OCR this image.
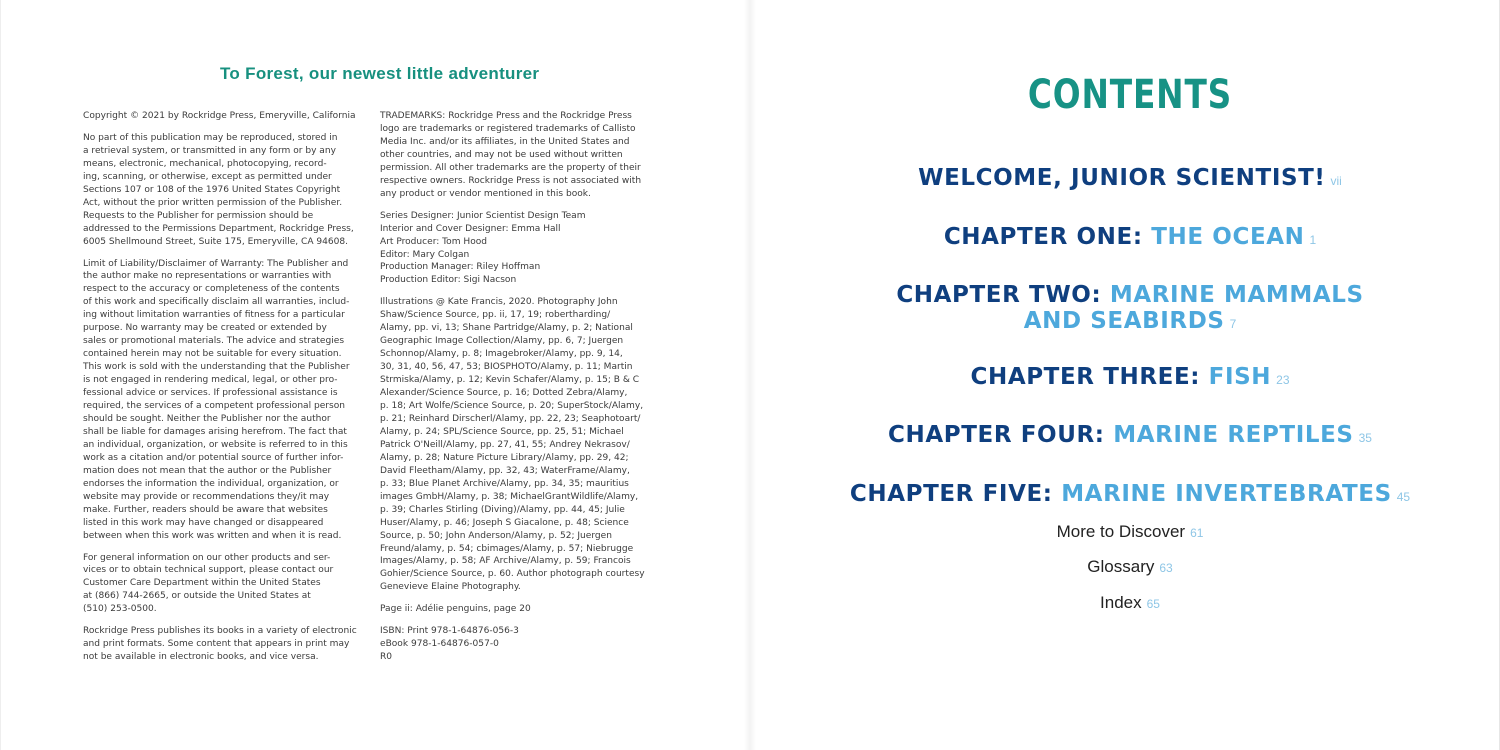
To Forest, our newest little adventurer

Copyright © 2021 by Rockridge Press, Emeryville, California

No part of this publication may be reproduced, stored in
a retrieval system, or transmitted in any form or by any
means, electronic, mechanical, photocopying, record-
ing, scanning, or otherwise, except as permitted under
Sections 107 or 108 of the 1976 United States Copyright
Act, without the prior written permission of the Publisher.
Requests to the Publisher for permission should be
addressed to the Permissions Department, Rockridge Press,
6005 Shellmound Street, Suite 175, Emeryville, CA 94608.

Limit of Liability/Disclaimer of Warranty: The Publisher and
the author make no representations or warranties with
respect to the accuracy or completeness of the contents
of this work and specifically disclaim all warranties, includ-
ing without limitation warranties of fitness for a particular
purpose. No warranty may be created or extended by
sales or promotional materials. The advice and strategies
contained herein may not be suitable for every situation.
This work is sold with the understanding that the Publisher
is not engaged in rendering medical, legal, or other pro-
fessional advice or services. If professional assistance is
required, the services of a competent professional person
should be sought. Neither the Publisher nor the author
shall be liable for damages arising herefrom. The fact that
an individual, organization, or website is referred to in this
work as a citation and/or potential source of further infor-
mation does not mean that the author or the Publisher
endorses the information the individual, organization, or
website may provide or recommendations they/it may
make. Further, readers should be aware that websites
listed in this work may have changed or disappeared
between when this work was written and when it is read.

For general information on our other products and ser-
vices or to obtain technical support, please contact our
Customer Care Department within the United States
at (866) 744-2665, or outside the United States at
(510) 253-0500.

Rockridge Press publishes its books in a variety of electronic
and print formats. Some content that appears in print may
not be available in electronic books, and vice versa.

TRADEMARKS: Rockridge Press and the Rockridge Press
logo are trademarks or registered trademarks of Callisto
Media Inc. and/or its affiliates, in the United States and
other countries, and may not be used without written
permission. All other trademarks are the property of their
respective owners. Rockridge Press is not associated with
any product or vendor mentioned in this book.

Series Designer: Junior Scientist Design Team
Interior and Cover Designer: Emma Hall
Art Producer: Tom Hood
Editor: Mary Colgan
Production Manager: Riley Hoffman
Production Editor: Sigi Nacson

Illustrations @ Kate Francis, 2020. Photography John
Shaw/Science Source, pp. ii, 17, 19; robertharding/
Alamy, pp. vi, 13; Shane Partridge/Alamy, p. 2; National
Geographic Image Collection/Alamy, pp. 6, 7; Juergen
Schonnop/Alamy, p. 8; Imagebroker/Alamy, pp. 9, 14,
30, 31, 40, 56, 47, 53; BIOSPHOTO/Alamy, p. 11; Martin
Strmiska/Alamy, p. 12; Kevin Schafer/Alamy, p. 15; B & C
Alexander/Science Source, p. 16; Dotted Zebra/Alamy,
p. 18; Art Wolfe/Science Source, p. 20; SuperStock/Alamy,
p. 21; Reinhard Dirscherl/Alamy, pp. 22, 23; Seaphotoart/
Alamy, p. 24; SPL/Science Source, pp. 25, 51; Michael
Patrick O'Neill/Alamy, pp. 27, 41, 55; Andrey Nekrasov/
Alamy, p. 28; Nature Picture Library/Alamy, pp. 29, 42;
David Fleetham/Alamy, pp. 32, 43; WaterFrame/Alamy,
p. 33; Blue Planet Archive/Alamy, pp. 34, 35; mauritius
images GmbH/Alamy, p. 38; MichaelGrantWildlife/Alamy,
p. 39; Charles Stirling (Diving)/Alamy, pp. 44, 45; Julie
Huser/Alamy, p. 46; Joseph S Giacalone, p. 48; Science
Source, p. 50; John Anderson/Alamy, p. 52; Juergen
Freund/alamy, p. 54; cbimages/Alamy, p. 57; Niebrugge
Images/Alamy, p. 58; AF Archive/Alamy, p. 59; Francois
Gohier/Science Source, p. 60. Author photograph courtesy
Genevieve Elaine Photography.

Page ii: Adélie penguins, page 20

ISBN: Print 978-1-64876-056-3
eBook 978-1-64876-057-0
R0

CONTENTS
WELCOME, JUNIOR SCIENTIST! vii
CHAPTER ONE: THE OCEAN 1
CHAPTER TWO: MARINE MAMMALS
AND SEABIRDS 7
CHAPTER THREE: FISH 23
CHAPTER FOUR: MARINE REPTILES 35
CHAPTER FIVE: MARINE INVERTEBRATES 45
More to Discover 61
Glossary 63
Index 65
